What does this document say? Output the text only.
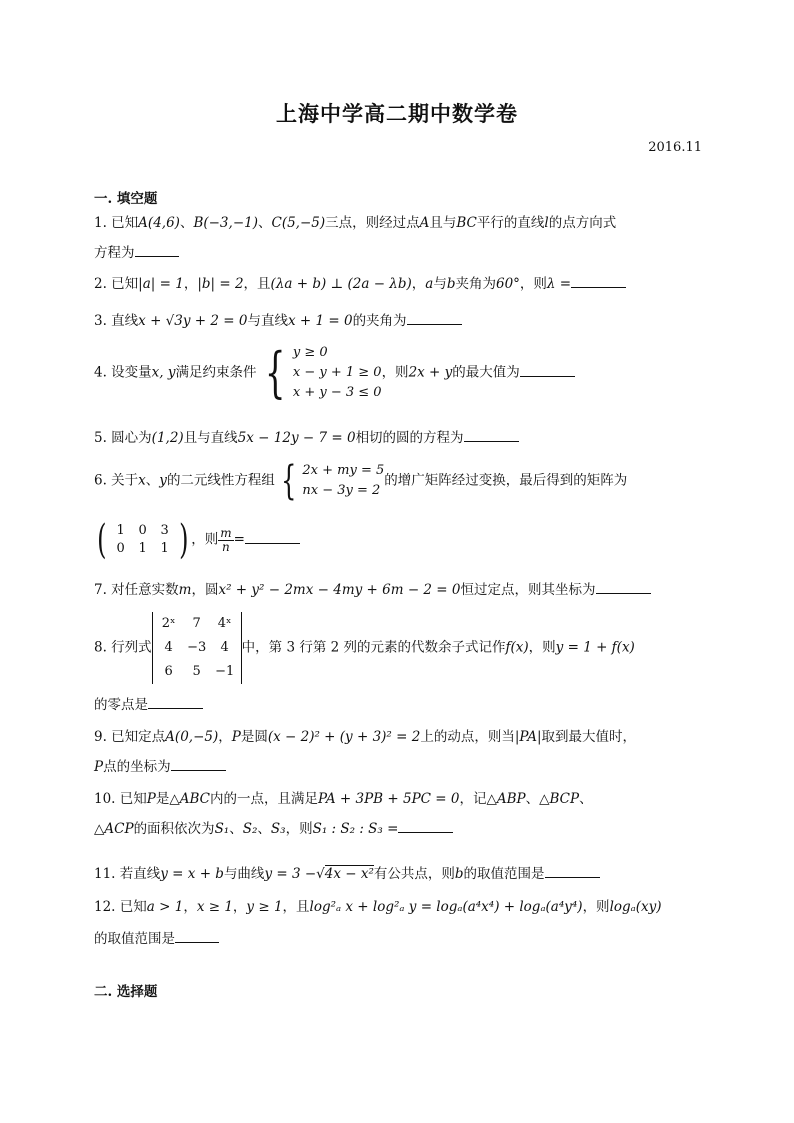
上海中学高二期中数学卷
2016.11
一. 填空题
1. 已知A(4,6)、B(−3,−1)、C(5,−5)三点，则经过点A且与BC平行的直线l的点方向式
方程为
2. 已知|a| = 1，|b| = 2，且(λa + b) ⊥ (2a − λb)，a与b夹角为60°，则λ =
3. 直线x + √3y + 2 = 0与直线x + 1 = 0的夹角为
4. 设变量x, y满足约束条件 { y ≥ 0
x − y + 1 ≥ 0
x + y − 3 ≤ 0
，则2x + y的最大值为
5. 圆心为(1,2)且与直线5x − 12y − 7 = 0相切的圆的方程为
6. 关于x、y的二元线性方程组 { 2x + my = 5
nx − 3y = 2
的增广矩阵经过变换，最后得到的矩阵为
( 1	0	3
0	1	1 ) ，则 $\frac{m}{n}$ =
7. 对任意实数m，圆x² + y² − 2mx − 4my + 6m − 2 = 0恒过定点，则其坐标为
8. 行列式
2ˣ	7	4ˣ
4	−3	4
6	5	−1
中，第 3 行第 2 列的元素的代数余子式记作f(x)，则y = 1 + f(x)
的零点是
9. 已知定点A(0,−5)，P是圆(x − 2)² + (y + 3)² = 2上的动点，则当|PA|取到最大值时，
P点的坐标为
10. 已知P是△ABC内的一点，且满足PA + 3PB + 5PC = 0，记△ABP、△BCP、
△ACP的面积依次为S₁、S₂、S₃，则S₁ : S₂ : S₃ =
11. 若直线y = x + b与曲线y = 3 −√4x − x²有公共点，则b的取值范围是
12. 已知a > 1，x ≥ 1，y ≥ 1，且log²ₐ x + log²ₐ y = logₐ(a⁴x⁴) + logₐ(a⁴y⁴)，则logₐ(xy)
的取值范围是
二. 选择题
